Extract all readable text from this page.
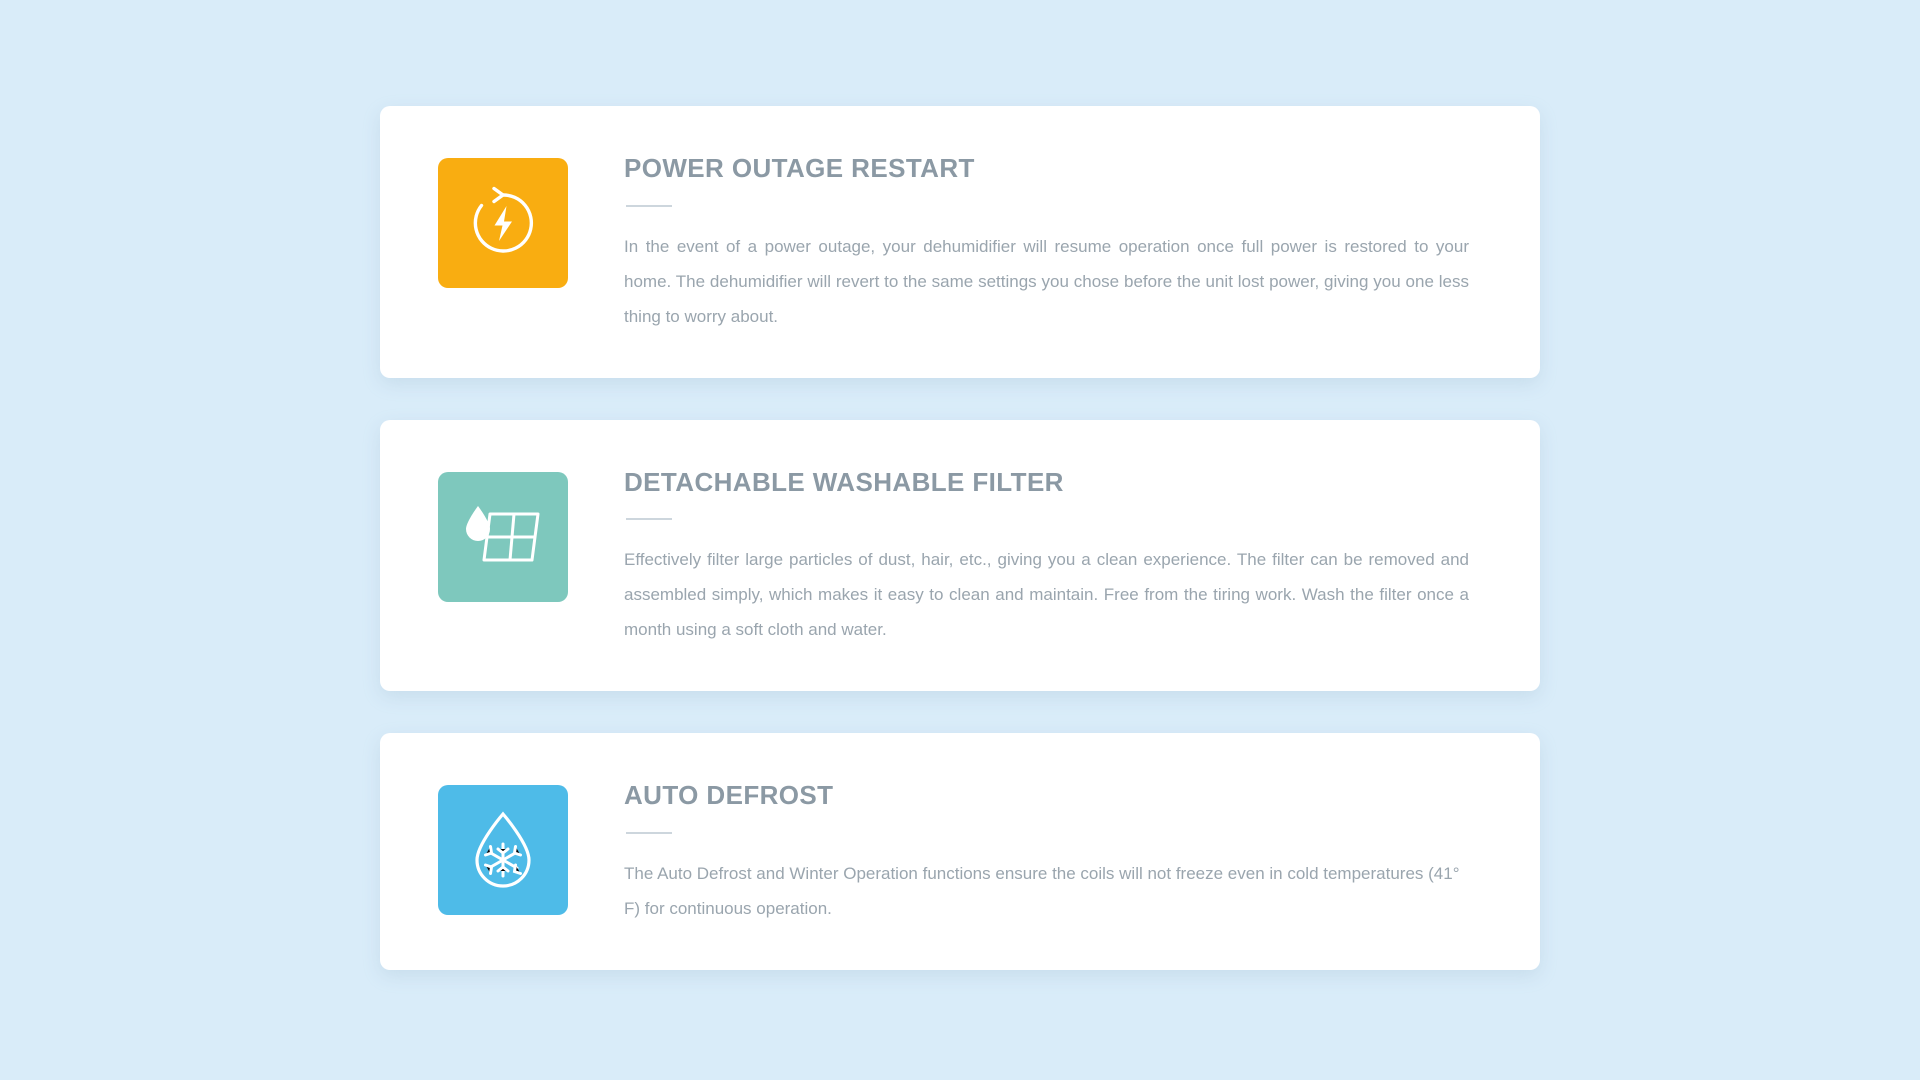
POWER OUTAGE RESTART

In the event of a power outage, your dehumidifier will resume operation once full power is restored to your home. The dehumidifier will revert to the same settings you chose before the unit lost power, giving you one less thing to worry about.

DETACHABLE WASHABLE FILTER

Effectively filter large particles of dust, hair, etc., giving you a clean experience. The filter can be removed and assembled simply, which makes it easy to clean and maintain. Free from the tiring work. Wash the filter once a month using a soft cloth and water.

AUTO DEFROST

The Auto Defrost and Winter Operation functions ensure the coils will not freeze even in cold temperatures (41° F) for continuous operation.
